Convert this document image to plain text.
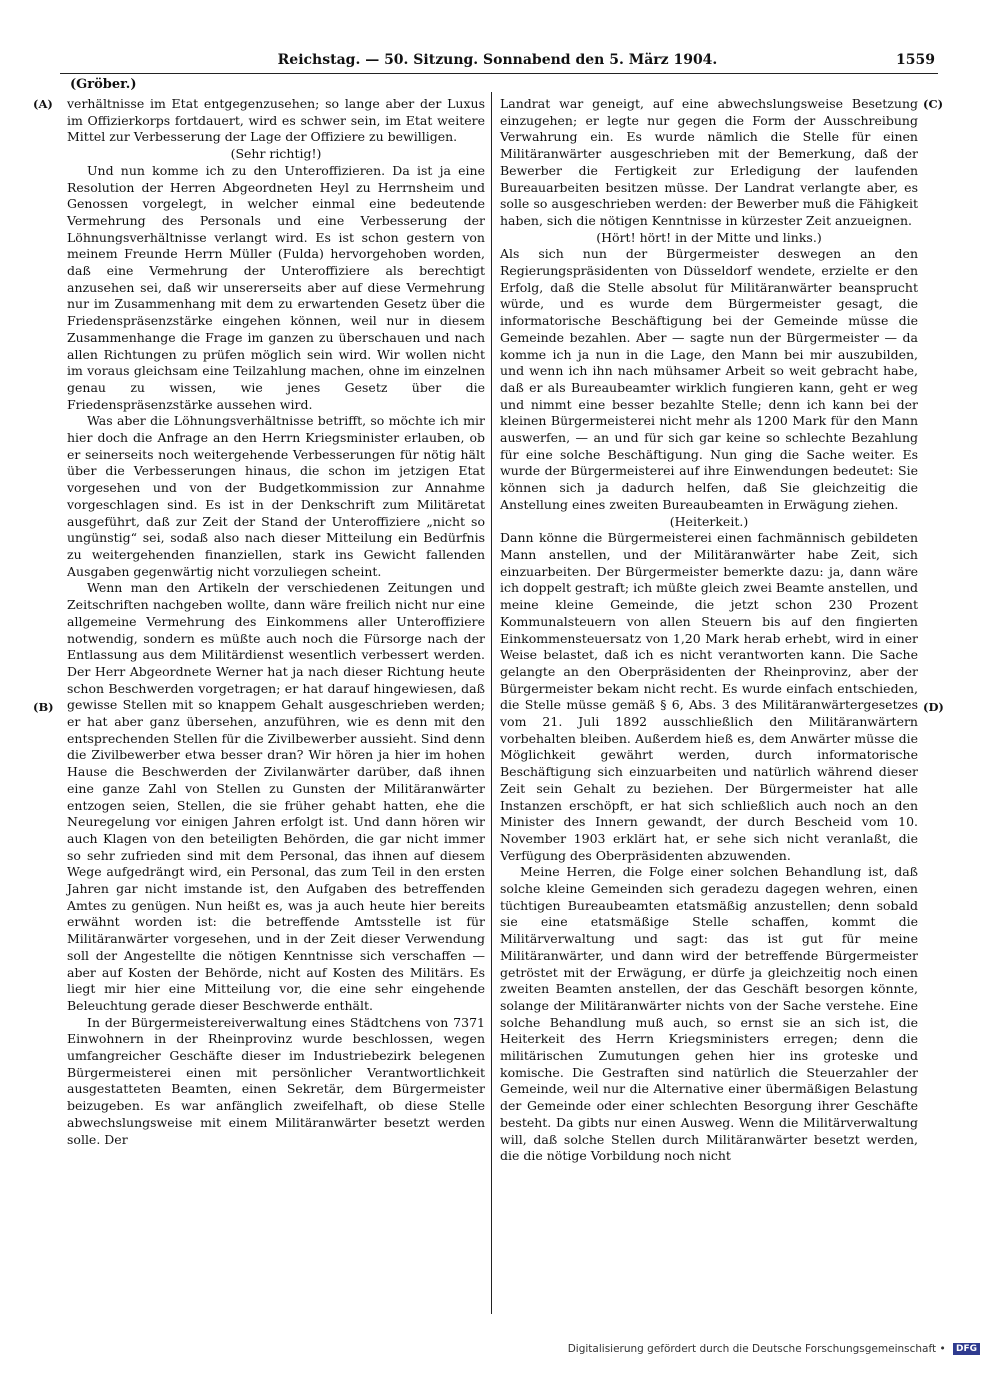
Reichstag. — 50. Sitzung. Sonnabend den 5. März 1904.	1559
(Gröber.)
(A)
(B)
(C)
(D)

verhältnisse im Etat entgegenzusehen; so lange aber der Luxus im Offizierkorps fortdauert, wird es schwer sein, im Etat weitere Mittel zur Verbesserung der Lage der Offiziere zu bewilligen.

(Sehr richtig!)

Und nun komme ich zu den Unteroffizieren. Da ist ja eine Resolution der Herren Abgeordneten Heyl zu Herrnsheim und Genossen vorgelegt, in welcher einmal eine bedeutende Vermehrung des Personals und eine Verbesserung der Löhnungsverhältnisse verlangt wird. Es ist schon gestern von meinem Freunde Herrn Müller (Fulda) hervorgehoben worden, daß eine Vermehrung der Unteroffiziere als berechtigt anzusehen sei, daß wir unsererseits aber auf diese Vermehrung nur im Zusammenhang mit dem zu erwartenden Gesetz über die Friedenspräsenzstärke eingehen können, weil nur in diesem Zusammenhange die Frage im ganzen zu überschauen und nach allen Richtungen zu prüfen möglich sein wird. Wir wollen nicht im voraus gleichsam eine Teilzahlung machen, ohne im einzelnen genau zu wissen, wie jenes Gesetz über die Friedenspräsenzstärke aussehen wird.

Was aber die Löhnungsverhältnisse betrifft, so möchte ich mir hier doch die Anfrage an den Herrn Kriegsminister erlauben, ob er seinerseits noch weitergehende Verbesserungen für nötig hält über die Verbesserungen hinaus, die schon im jetzigen Etat vorgesehen und von der Budgetkommission zur Annahme vorgeschlagen sind. Es ist in der Denkschrift zum Militäretat ausgeführt, daß zur Zeit der Stand der Unteroffiziere „nicht so ungünstig“ sei, sodaß also nach dieser Mitteilung ein Bedürfnis zu weitergehenden finanziellen, stark ins Gewicht fallenden Ausgaben gegenwärtig nicht vorzuliegen scheint.

Wenn man den Artikeln der verschiedenen Zeitungen und Zeitschriften nachgeben wollte, dann wäre freilich nicht nur eine allgemeine Vermehrung des Einkommens aller Unteroffiziere notwendig, sondern es müßte auch noch die Fürsorge nach der Entlassung aus dem Militärdienst wesentlich verbessert werden. Der Herr Abgeordnete Werner hat ja nach dieser Richtung heute schon Beschwerden vorgetragen; er hat darauf hingewiesen, daß gewisse Stellen mit so knappem Gehalt ausgeschrieben werden; er hat aber ganz übersehen, anzuführen, wie es denn mit den entsprechenden Stellen für die Zivilbewerber aussieht. Sind denn die Zivilbewerber etwa besser dran? Wir hören ja hier im hohen Hause die Beschwerden der Zivilanwärter darüber, daß ihnen eine ganze Zahl von Stellen zu Gunsten der Militäranwärter entzogen seien, Stellen, die sie früher gehabt hatten, ehe die Neuregelung vor einigen Jahren erfolgt ist. Und dann hören wir auch Klagen von den beteiligten Behörden, die gar nicht immer so sehr zufrieden sind mit dem Personal, das ihnen auf diesem Wege aufgedrängt wird, ein Personal, das zum Teil in den ersten Jahren gar nicht imstande ist, den Aufgaben des betreffenden Amtes zu genügen. Nun heißt es, was ja auch heute hier bereits erwähnt worden ist: die betreffende Amtsstelle ist für Militäranwärter vorgesehen, und in der Zeit dieser Verwendung soll der Angestellte die nötigen Kenntnisse sich verschaffen — aber auf Kosten der Behörde, nicht auf Kosten des Militärs. Es liegt mir hier eine Mitteilung vor, die eine sehr eingehende Beleuchtung gerade dieser Beschwerde enthält.

In der Bürgermeistereiverwaltung eines Städtchens von 7371 Einwohnern in der Rheinprovinz wurde beschlossen, wegen umfangreicher Geschäfte dieser im Industriebezirk belegenen Bürgermeisterei einen mit persönlicher Verantwortlichkeit ausgestatteten Beamten, einen Sekretär, dem Bürgermeister beizugeben. Es war anfänglich zweifelhaft, ob diese Stelle abwechslungsweise mit einem Militäranwärter besetzt werden solle. Der

Landrat war geneigt, auf eine abwechslungsweise Besetzung einzugehen; er legte nur gegen die Form der Ausschreibung Verwahrung ein. Es wurde nämlich die Stelle für einen Militäranwärter ausgeschrieben mit der Bemerkung, daß der Bewerber die Fertigkeit zur Erledigung der laufenden Bureauarbeiten besitzen müsse. Der Landrat verlangte aber, es solle so ausgeschrieben werden: der Bewerber muß die Fähigkeit haben, sich die nötigen Kenntnisse in kürzester Zeit anzueignen.

(Hört! hört! in der Mitte und links.)

Als sich nun der Bürgermeister deswegen an den Regierungspräsidenten von Düsseldorf wendete, erzielte er den Erfolg, daß die Stelle absolut für Militäranwärter beansprucht würde, und es wurde dem Bürgermeister gesagt, die informatorische Beschäftigung bei der Gemeinde müsse die Gemeinde bezahlen. Aber — sagte nun der Bürgermeister — da komme ich ja nun in die Lage, den Mann bei mir auszubilden, und wenn ich ihn nach mühsamer Arbeit so weit gebracht habe, daß er als Bureaubeamter wirklich fungieren kann, geht er weg und nimmt eine besser bezahlte Stelle; denn ich kann bei der kleinen Bürgermeisterei nicht mehr als 1200 Mark für den Mann auswerfen, — an und für sich gar keine so schlechte Bezahlung für eine solche Beschäftigung. Nun ging die Sache weiter. Es wurde der Bürgermeisterei auf ihre Einwendungen bedeutet: Sie können sich ja dadurch helfen, daß Sie gleichzeitig die Anstellung eines zweiten Bureaubeamten in Erwägung ziehen.

(Heiterkeit.)

Dann könne die Bürgermeisterei einen fachmännisch gebildeten Mann anstellen, und der Militäranwärter habe Zeit, sich einzuarbeiten. Der Bürgermeister bemerkte dazu: ja, dann wäre ich doppelt gestraft; ich müßte gleich zwei Beamte anstellen, und meine kleine Gemeinde, die jetzt schon 230 Prozent Kommunalsteuern von allen Steuern bis auf den fingierten Einkommensteuersatz von 1,20 Mark herab erhebt, wird in einer Weise belastet, daß ich es nicht verantworten kann. Die Sache gelangte an den Oberpräsidenten der Rheinprovinz, aber der Bürgermeister bekam nicht recht. Es wurde einfach entschieden, die Stelle müsse gemäß § 6, Abs. 3 des Militäranwärtergesetzes vom 21. Juli 1892 ausschließlich den Militäranwärtern vorbehalten bleiben. Außerdem hieß es, dem Anwärter müsse die Möglichkeit gewährt werden, durch informatorische Beschäftigung sich einzuarbeiten und natürlich während dieser Zeit sein Gehalt zu beziehen. Der Bürgermeister hat alle Instanzen erschöpft, er hat sich schließlich auch noch an den Minister des Innern gewandt, der durch Bescheid vom 10. November 1903 erklärt hat, er sehe sich nicht veranlaßt, die Verfügung des Oberpräsidenten abzuwenden.

Meine Herren, die Folge einer solchen Behandlung ist, daß solche kleine Gemeinden sich geradezu dagegen wehren, einen tüchtigen Bureaubeamten etatsmäßig anzustellen; denn sobald sie eine etatsmäßige Stelle schaffen, kommt die Militärverwaltung und sagt: das ist gut für meine Militäranwärter, und dann wird der betreffende Bürgermeister getröstet mit der Erwägung, er dürfe ja gleichzeitig noch einen zweiten Beamten anstellen, der das Geschäft besorgen könnte, solange der Militäranwärter nichts von der Sache verstehe. Eine solche Behandlung muß auch, so ernst sie an sich ist, die Heiterkeit des Herrn Kriegsministers erregen; denn die militärischen Zumutungen gehen hier ins groteske und komische. Die Gestraften sind natürlich die Steuerzahler der Gemeinde, weil nur die Alternative einer übermäßigen Belastung der Gemeinde oder einer schlechten Besorgung ihrer Geschäfte besteht. Da gibts nur einen Ausweg. Wenn die Militärverwaltung will, daß solche Stellen durch Militäranwärter besetzt werden, die die nötige Vorbildung noch nicht

Digitalisierung gefördert durch die Deutsche Forschungsgemeinschaft • DFG
